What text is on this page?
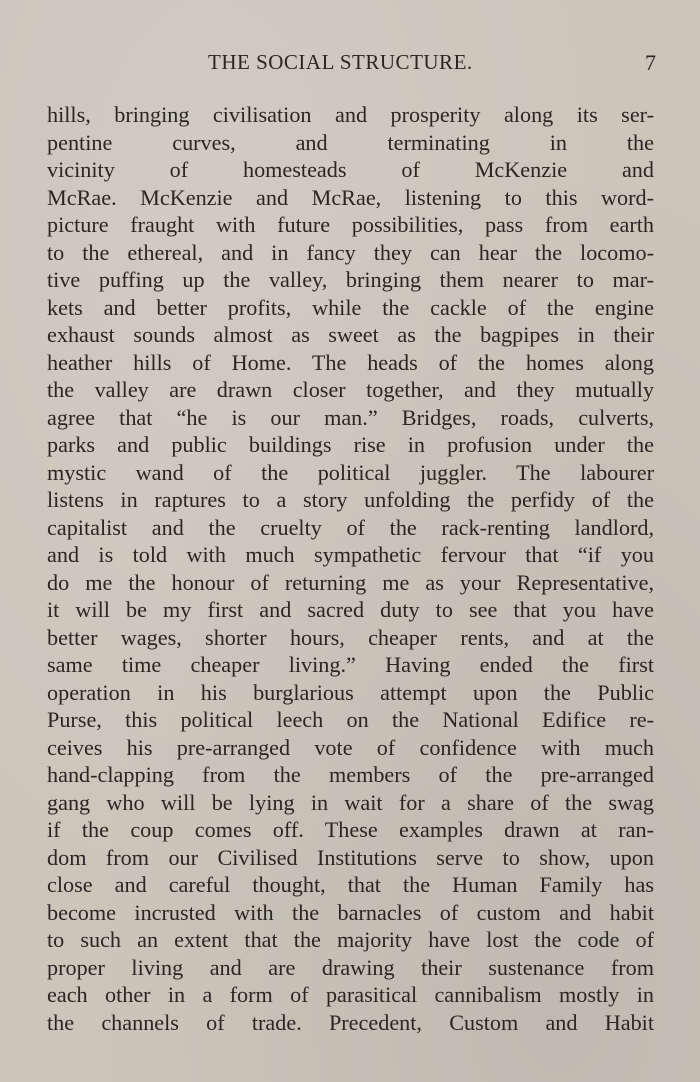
THE SOCIAL STRUCTURE.	7
hills, bringing civilisation and prosperity along its ser-
pentine curves, and terminating in the
vicinity of homesteads of McKenzie and
McRae. McKenzie and McRae, listening to this word-
picture fraught with future possibilities, pass from earth
to the ethereal, and in fancy they can hear the locomo-
tive puffing up the valley, bringing them nearer to mar-
kets and better profits, while the cackle of the engine
exhaust sounds almost as sweet as the bagpipes in their
heather hills of Home. The heads of the homes along
the valley are drawn closer together, and they mutually
agree that “he is our man.” Bridges, roads, culverts,
parks and public buildings rise in profusion under the
mystic wand of the political juggler. The labourer
listens in raptures to a story unfolding the perfidy of the
capitalist and the cruelty of the rack-renting landlord,
and is told with much sympathetic fervour that “if you
do me the honour of returning me as your Representative,
it will be my first and sacred duty to see that you have
better wages, shorter hours, cheaper rents, and at the
same time cheaper living.” Having ended the first
operation in his burglarious attempt upon the Public
Purse, this political leech on the National Edifice re-
ceives his pre-arranged vote of confidence with much
hand-clapping from the members of the pre-arranged
gang who will be lying in wait for a share of the swag
if the coup comes off. These examples drawn at ran-
dom from our Civilised Institutions serve to show, upon
close and careful thought, that the Human Family has
become incrusted with the barnacles of custom and habit
to such an extent that the majority have lost the code of
proper living and are drawing their sustenance from
each other in a form of parasitical cannibalism mostly in
the channels of trade. Precedent, Custom and Habit
